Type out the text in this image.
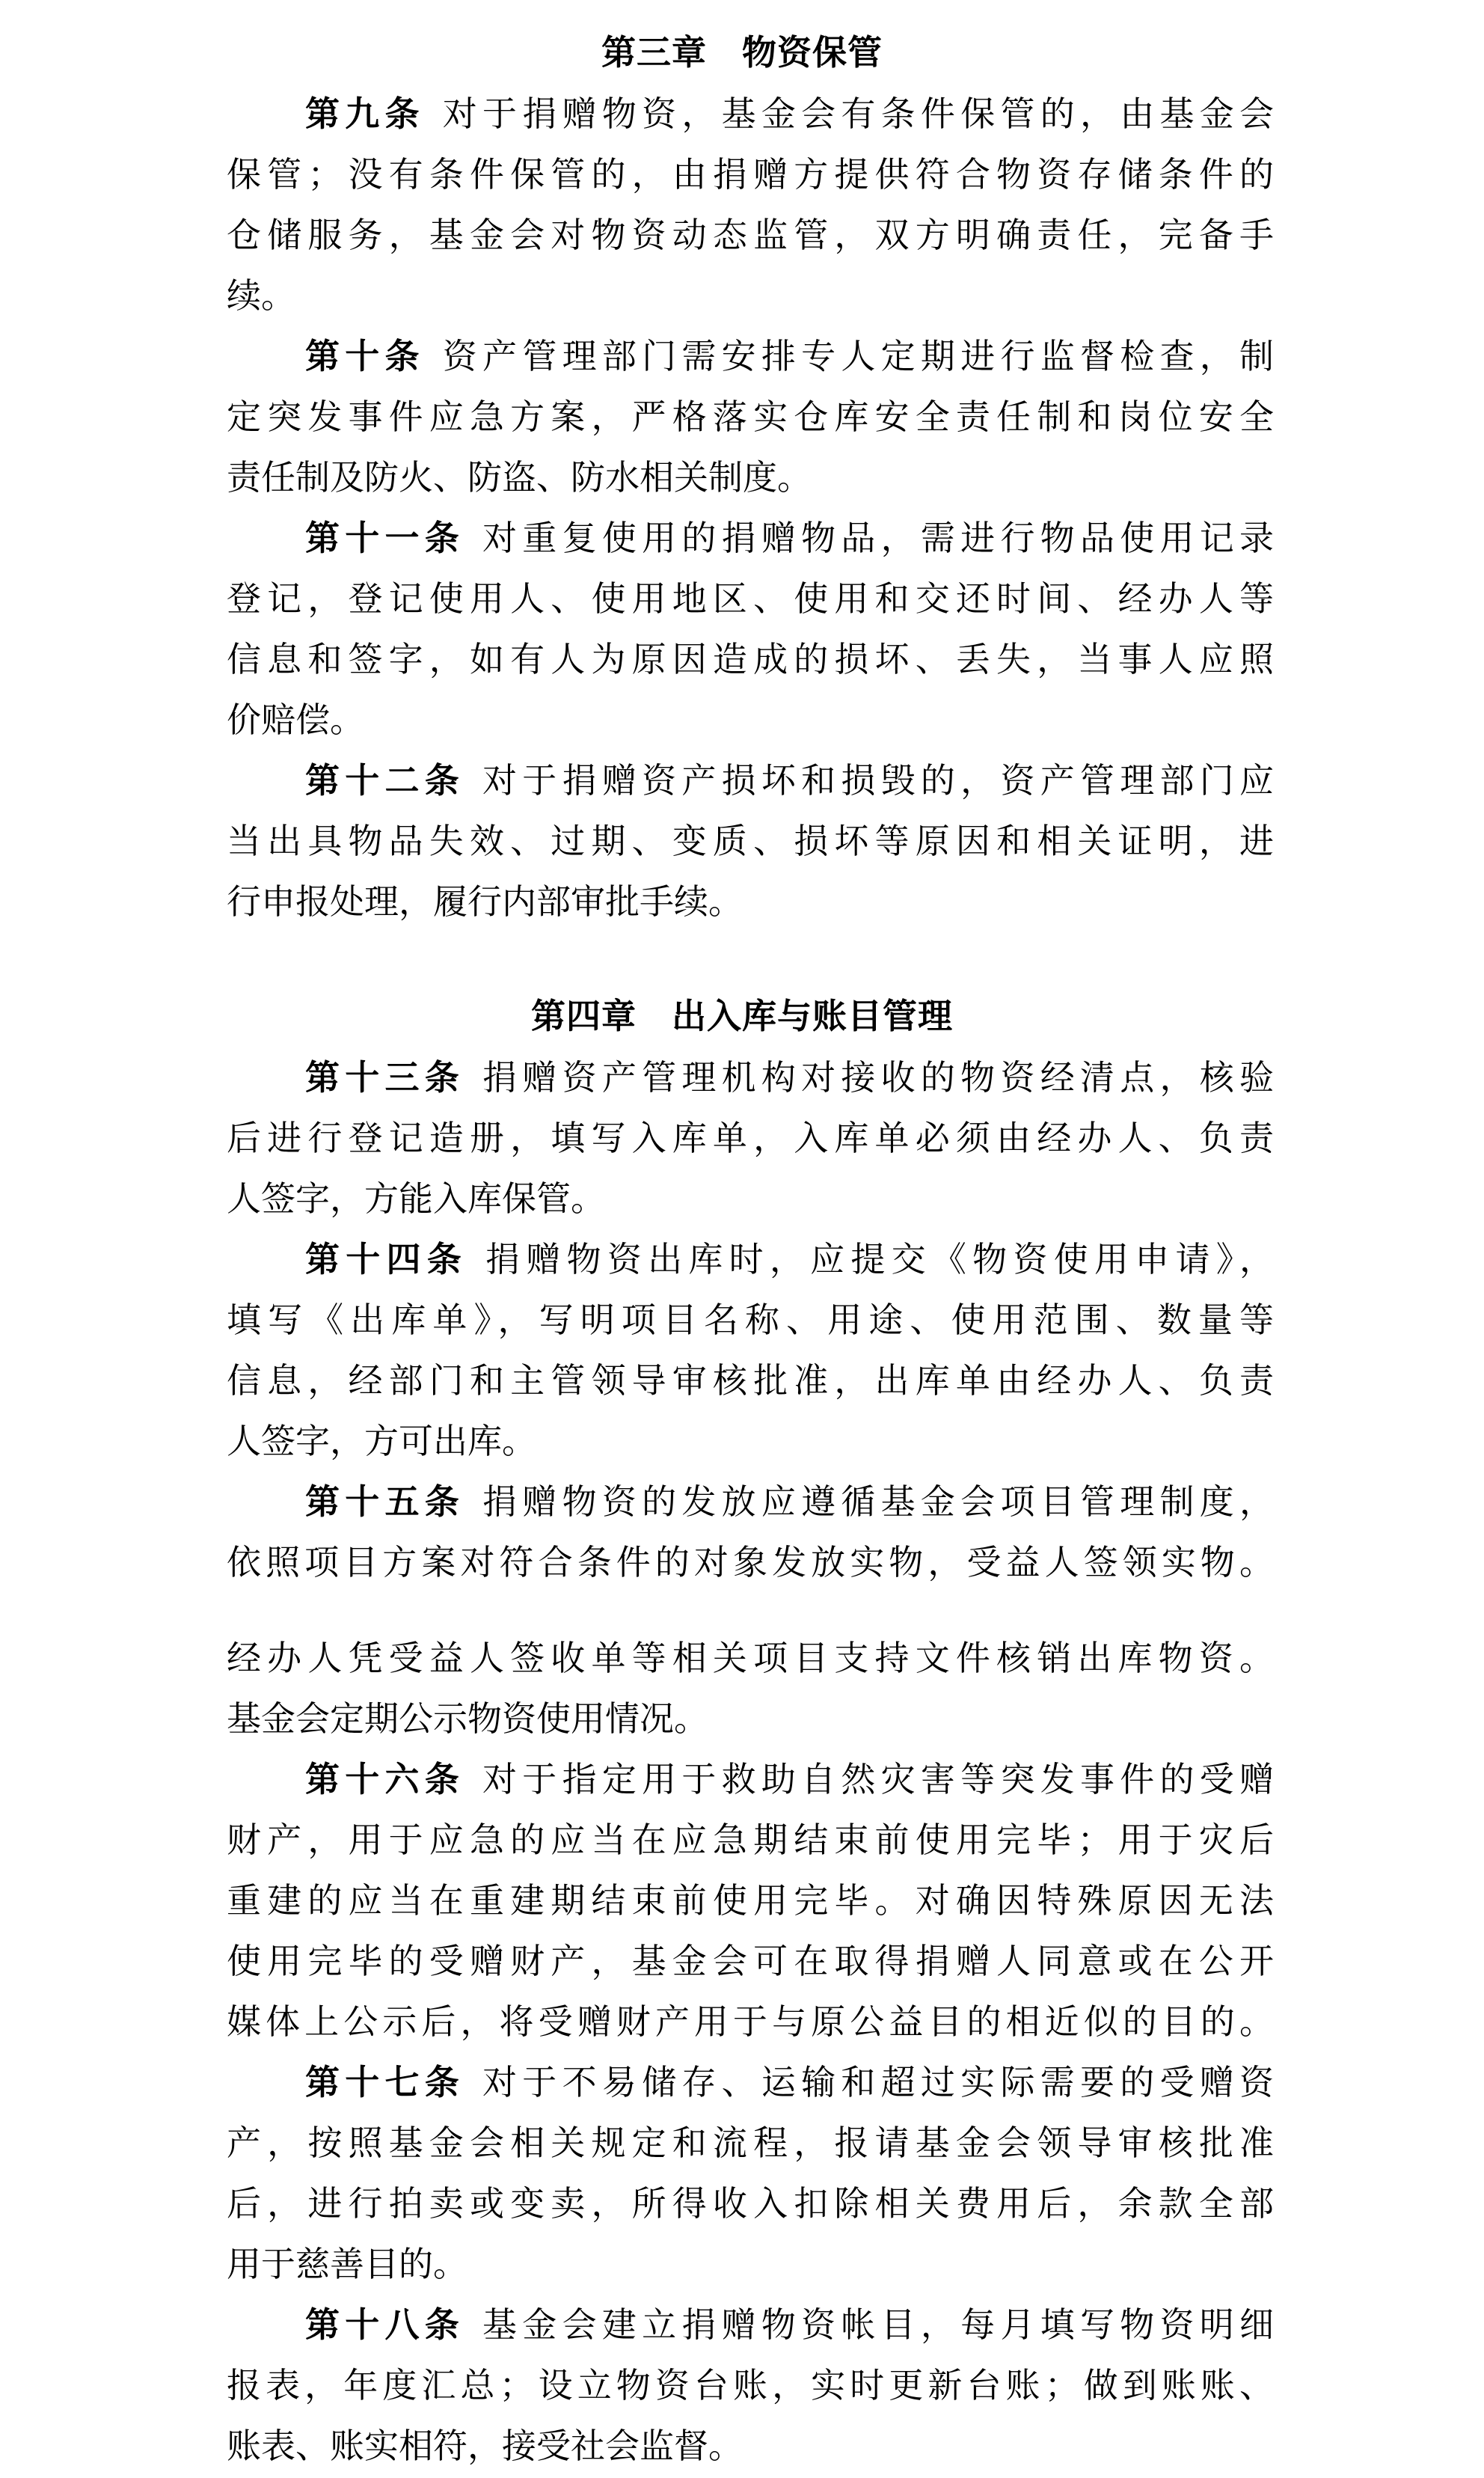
第三章　物资保管
第九条 对于捐赠物资，基金会有条件保管的，由基金会
保管；没有条件保管的，由捐赠方提供符合物资存储条件的
仓储服务，基金会对物资动态监管，双方明确责任，完备手
续。
第十条 资产管理部门需安排专人定期进行监督检查，制
定突发事件应急方案，严格落实仓库安全责任制和岗位安全
责任制及防火、防盗、防水相关制度。
第十一条 对重复使用的捐赠物品，需进行物品使用记录
登记，登记使用人、使用地区、使用和交还时间、经办人等
信息和签字，如有人为原因造成的损坏、丢失，当事人应照
价赔偿。
第十二条 对于捐赠资产损坏和损毁的，资产管理部门应
当出具物品失效、过期、变质、损坏等原因和相关证明，进
行申报处理，履行内部审批手续。
第四章　出入库与账目管理
第十三条 捐赠资产管理机构对接收的物资经清点，核验
后进行登记造册，填写入库单，入库单必须由经办人、负责
人签字，方能入库保管。
第十四条 捐赠物资出库时，应提交《物资使用申请》，
填写《出库单》，写明项目名称、用途、使用范围、数量等
信息，经部门和主管领导审核批准，出库单由经办人、负责
人签字，方可出库。
第十五条 捐赠物资的发放应遵循基金会项目管理制度，
依照项目方案对符合条件的对象发放实物，受益人签领实物。
经办人凭受益人签收单等相关项目支持文件核销出库物资。
基金会定期公示物资使用情况。
第十六条 对于指定用于救助自然灾害等突发事件的受赠
财产，用于应急的应当在应急期结束前使用完毕；用于灾后
重建的应当在重建期结束前使用完毕。对确因特殊原因无法
使用完毕的受赠财产，基金会可在取得捐赠人同意或在公开
媒体上公示后，将受赠财产用于与原公益目的相近似的目的。
第十七条 对于不易储存、运输和超过实际需要的受赠资
产，按照基金会相关规定和流程，报请基金会领导审核批准
后，进行拍卖或变卖，所得收入扣除相关费用后，余款全部
用于慈善目的。
第十八条 基金会建立捐赠物资帐目，每月填写物资明细
报表，年度汇总；设立物资台账，实时更新台账；做到账账、
账表、账实相符，接受社会监督。
